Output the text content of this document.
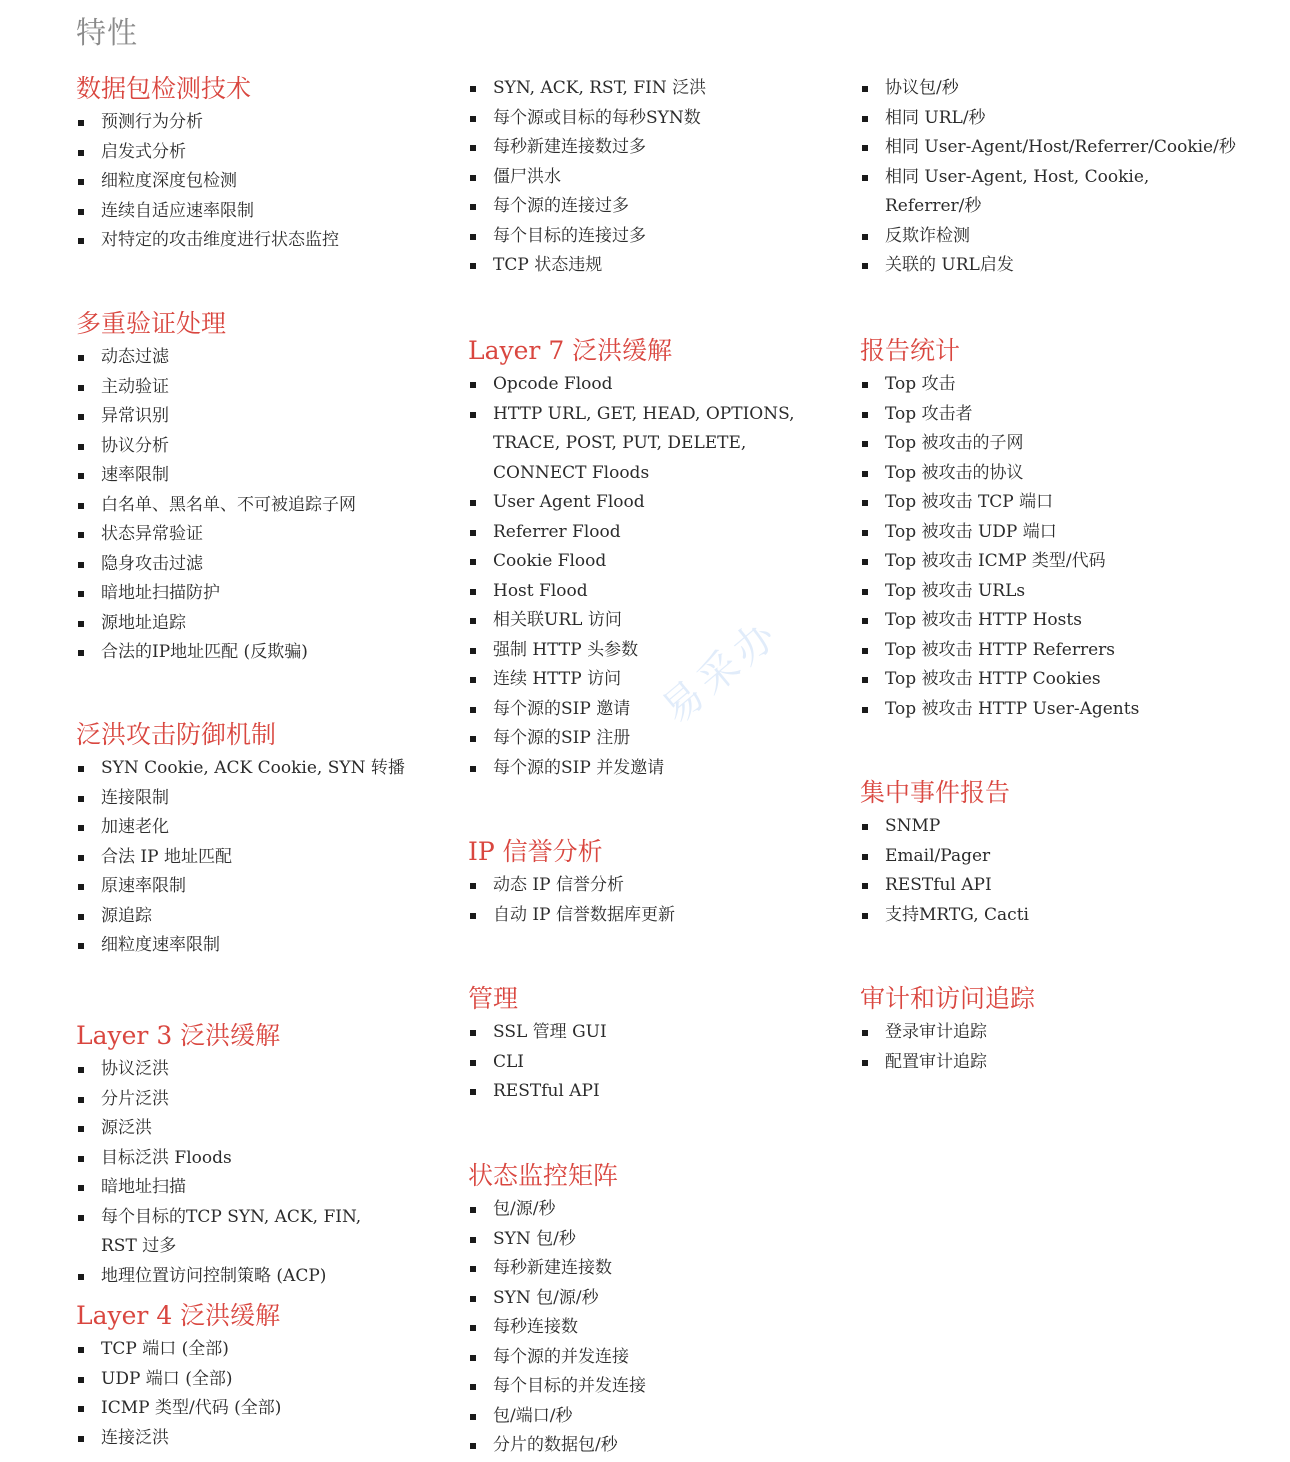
特性
易采办
数据包检测技术
预测行为分析
启发式分析
细粒度深度包检测
连续自适应速率限制
对特定的攻击维度进行状态监控
多重验证处理
动态过滤
主动验证
异常识别
协议分析
速率限制
白名单、黑名单、不可被追踪子网
状态异常验证
隐身攻击过滤
暗地址扫描防护
源地址追踪
合法的IP地址匹配 (反欺骗)
泛洪攻击防御机制
SYN Cookie, ACK Cookie, SYN 转播
连接限制
加速老化
合法 IP 地址匹配
原速率限制
源追踪
细粒度速率限制
Layer 3 泛洪缓解
协议泛洪
分片泛洪
源泛洪
目标泛洪 Floods
暗地址扫描
每个目标的TCP SYN, ACK, FIN,
RST 过多
地理位置访问控制策略 (ACP)
Layer 4 泛洪缓解
TCP 端口 (全部)
UDP 端口 (全部)
ICMP 类型/代码 (全部)
连接泛洪
SYN, ACK, RST, FIN 泛洪
每个源或目标的每秒SYN数
每秒新建连接数过多
僵尸洪水
每个源的连接过多
每个目标的连接过多
TCP 状态违规
Layer 7 泛洪缓解
Opcode Flood
HTTP URL, GET, HEAD, OPTIONS,
TRACE, POST, PUT, DELETE,
CONNECT Floods
User Agent Flood
Referrer Flood
Cookie Flood
Host Flood
相关联URL 访问
强制 HTTP 头参数
连续 HTTP 访问
每个源的SIP 邀请
每个源的SIP 注册
每个源的SIP 并发邀请
IP 信誉分析
动态 IP 信誉分析
自动 IP 信誉数据库更新
管理
SSL 管理 GUI
CLI
RESTful API
状态监控矩阵
包/源/秒
SYN 包/秒
每秒新建连接数
SYN 包/源/秒
每秒连接数
每个源的并发连接
每个目标的并发连接
包/端口/秒
分片的数据包/秒
协议包/秒
相同 URL/秒
相同 User-Agent/Host/Referrer/Cookie/秒
相同 User-Agent, Host, Cookie,
Referrer/秒
反欺诈检测
关联的 URL启发
报告统计
Top 攻击
Top 攻击者
Top 被攻击的子网
Top 被攻击的协议
Top 被攻击 TCP 端口
Top 被攻击 UDP 端口
Top 被攻击 ICMP 类型/代码
Top 被攻击 URLs
Top 被攻击 HTTP Hosts
Top 被攻击 HTTP Referrers
Top 被攻击 HTTP Cookies
Top 被攻击 HTTP User-Agents
集中事件报告
SNMP
Email/Pager
RESTful API
支持MRTG, Cacti
审计和访问追踪
登录审计追踪
配置审计追踪
